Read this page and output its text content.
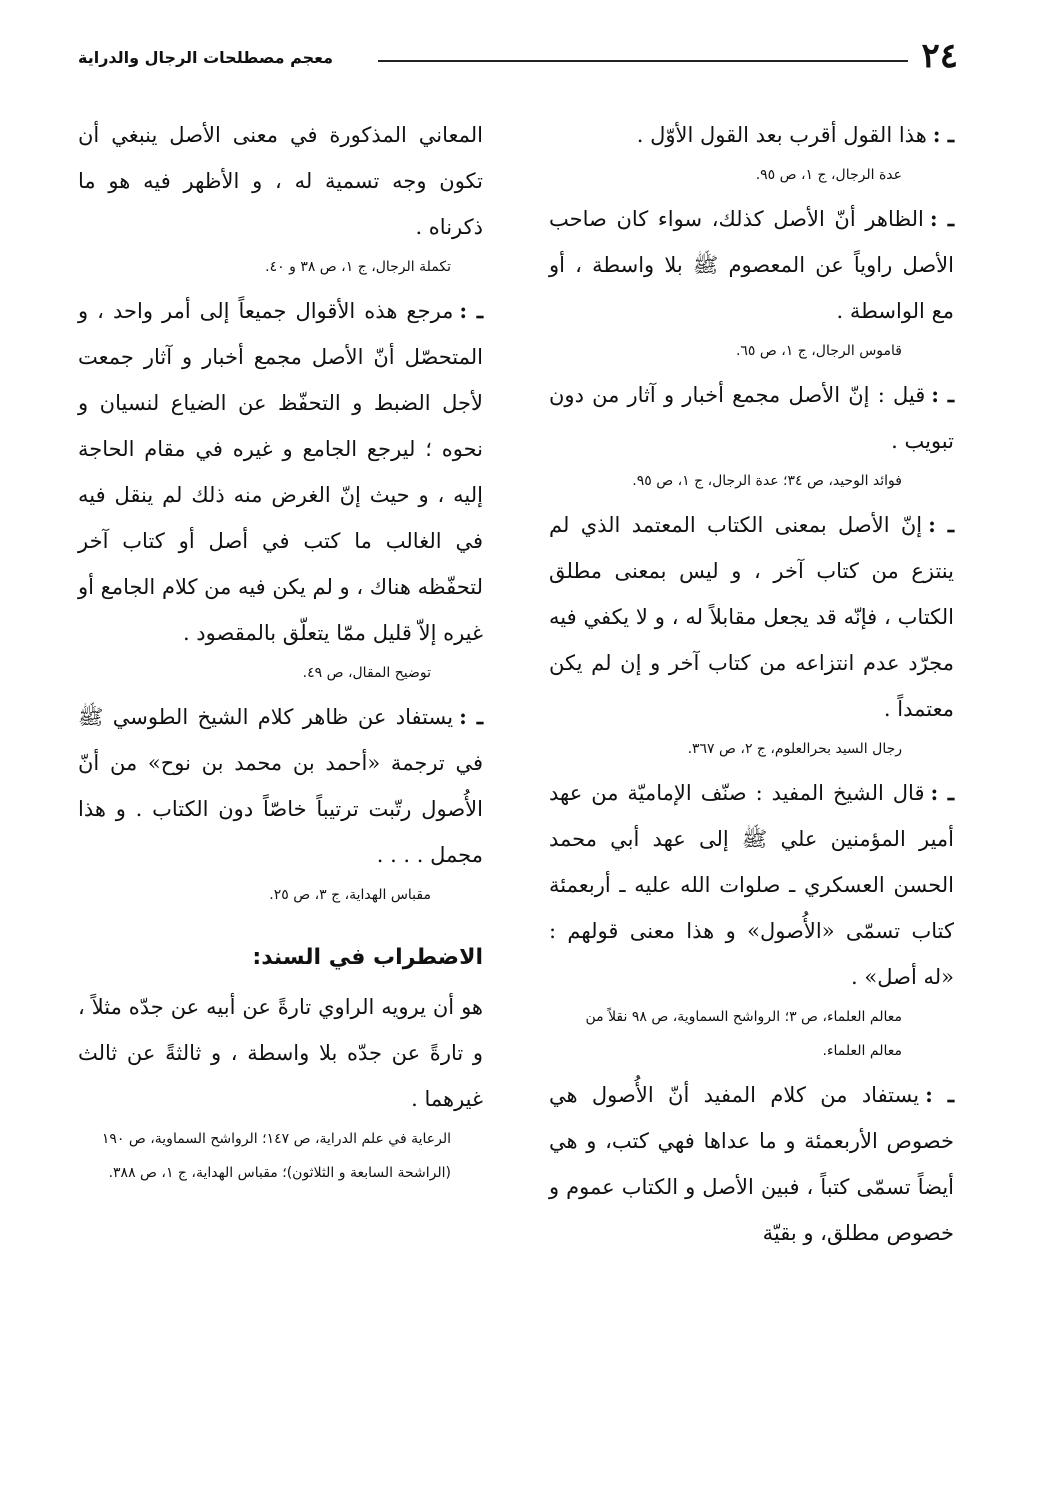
٢٤
معجم مصطلحات الرجال والدراية
ـ :هذا القول أقرب بعد القول الأوّل .
عدة الرجال، ج ١، ص ٩٥.
ـ :الظاهر أنّ الأصل كذلك، سواء كان صاحب الأصل راوياً عن المعصوم ﷺ بلا واسطة ، أو مع الواسطة .
قاموس الرجال، ج ١، ص ٦٥.
ـ :قيل : إنّ الأصل مجمع أخبار و آثار من دون تبويب .
فوائد الوحيد، ص ٣٤؛ عدة الرجال، ج ١، ص ٩٥.
ـ :إنّ الأصل بمعنى الكتاب المعتمد الذي لم ينتزع من كتاب آخر ، و ليس بمعنى مطلق الكتاب ، فإنّه قد يجعل مقابلاً له ، و لا يكفي فيه مجرّد عدم انتزاعه من كتاب آخر و إن لم يكن معتمداً .
رجال السيد بحرالعلوم، ج ٢، ص ٣٦٧.
ـ :قال الشيخ المفيد : صنّف الإماميّة من عهد أمير المؤمنين علي ﷺ إلى عهد أبي محمد الحسن العسكري ـ صلوات الله عليه ـ أربعمئة كتاب تسمّى «الأُصول» و هذا معنى قولهم : «له أصل» .
معالم العلماء، ص ٣؛ الرواشح السماوية، ص ٩٨ نقلاً من معالم العلماء.
ـ :يستفاد من كلام المفيد أنّ الأُصول هي خصوص الأربعمئة و ما عداها فهي كتب، و هي أيضاً تسمّى كتباً ، فبين الأصل و الكتاب عموم و خصوص مطلق، و بقيّة
المعاني المذكورة في معنى الأصل ينبغي أن تكون وجه تسمية له ، و الأظهر فيه هو ما ذكرناه .
تكملة الرجال، ج ١، ص ٣٨ و ٤٠.
ـ :مرجع هذه الأقوال جميعاً إلى أمر واحد ، و المتحصّل أنّ الأصل مجمع أخبار و آثار جمعت لأجل الضبط و التحفّظ عن الضياع لنسيان و نحوه ؛ ليرجع الجامع و غيره في مقام الحاجة إليه ، و حيث إنّ الغرض منه ذلك لم ينقل فيه في الغالب ما كتب في أصل أو كتاب آخر لتحفّظه هناك ، و لم يكن فيه من كلام الجامع أو غيره إلاّ قليل ممّا يتعلّق بالمقصود .
توضيح المقال، ص ٤٩.
ـ :يستفاد عن ظاهر كلام الشيخ الطوسي ﷺ في ترجمة «أحمد بن محمد بن نوح» من أنّ الأُصول رتّبت ترتيباً خاصّاً دون الكتاب . و هذا مجمل . . . .
مقباس الهداية، ج ٣، ص ٢٥.
الاضطراب في السند:
هو أن يرويه الراوي تارةً عن أبيه عن جدّه مثلاً ، و تارةً عن جدّه بلا واسطة ، و ثالثةً عن ثالث غيرهما .
الرعاية في علم الدراية، ص ١٤٧؛ الرواشح السماوية، ص ١٩٠ (الراشحة السابعة و الثلاثون)؛ مقباس الهداية، ج ١، ص ٣٨٨.
